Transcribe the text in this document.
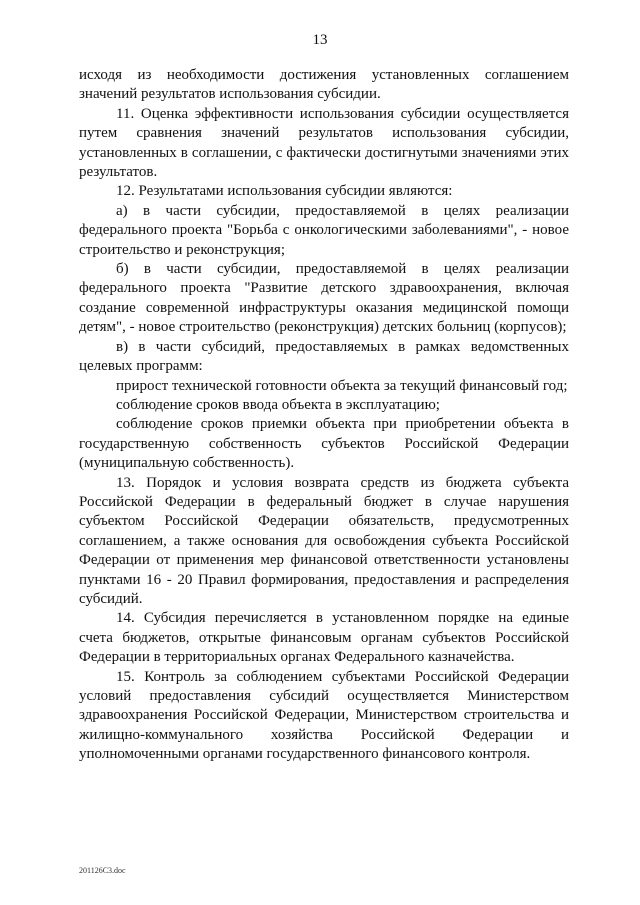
13

исходя из необходимости достижения установленных соглашением значений результатов использования субсидии.

11. Оценка эффективности использования субсидии осуществляется путем сравнения значений результатов использования субсидии, установленных в соглашении, с фактически достигнутыми значениями этих результатов.

12. Результатами использования субсидии являются:

а) в части субсидии, предоставляемой в целях реализации федерального проекта "Борьба с онкологическими заболеваниями", - новое строительство и реконструкция;

б) в части субсидии, предоставляемой в целях реализации федерального проекта "Развитие детского здравоохранения, включая создание современной инфраструктуры оказания медицинской помощи детям", - новое строительство (реконструкция) детских больниц (корпусов);

в) в части субсидий, предоставляемых в рамках ведомственных целевых программ:

прирост технической готовности объекта за текущий финансовый год;

соблюдение сроков ввода объекта в эксплуатацию;

соблюдение сроков приемки объекта при приобретении объекта в государственную собственность субъектов Российской Федерации (муниципальную собственность).

13. Порядок и условия возврата средств из бюджета субъекта Российской Федерации в федеральный бюджет в случае нарушения субъектом Российской Федерации обязательств, предусмотренных соглашением, а также основания для освобождения субъекта Российской Федерации от применения мер финансовой ответственности установлены пунктами 16 - 20 Правил формирования, предоставления и распределения субсидий.

14. Субсидия перечисляется в установленном порядке на единые счета бюджетов, открытые финансовым органам субъектов Российской Федерации в территориальных органах Федерального казначейства.

15. Контроль за соблюдением субъектами Российской Федерации условий предоставления субсидий осуществляется Министерством здравоохранения Российской Федерации, Министерством строительства и жилищно-коммунального хозяйства Российской Федерации и уполномоченными органами государственного финансового контроля.

201126С3.doc
